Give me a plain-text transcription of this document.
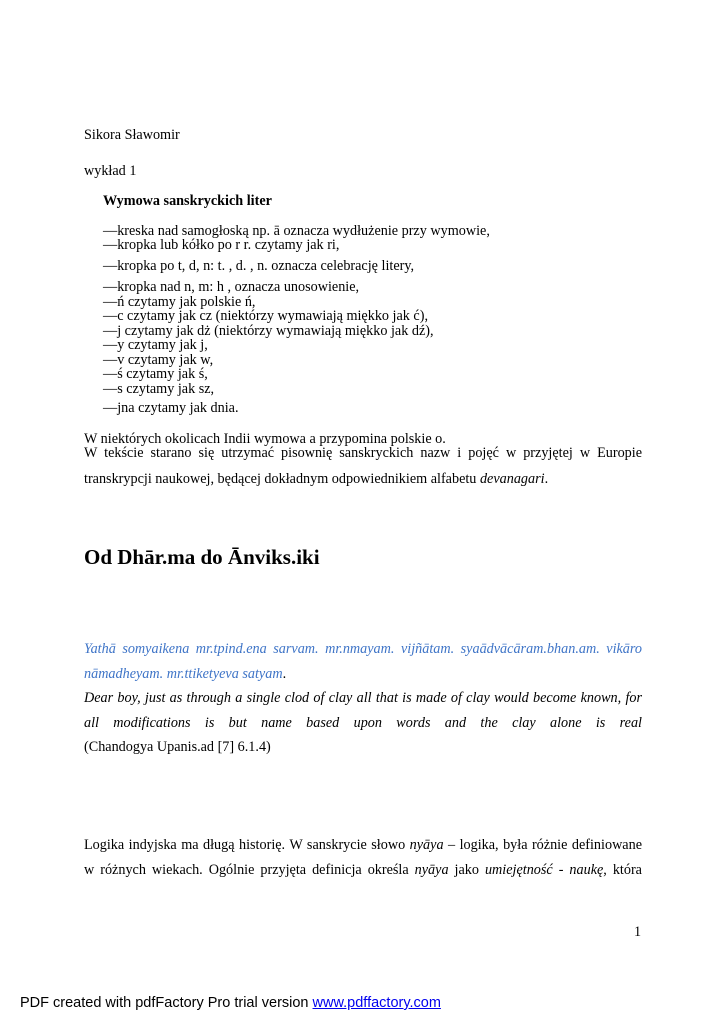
Sikora Sławomir
wykład 1
Wymowa sanskryckich liter
—kreska nad samogłoską np. ā oznacza wydłużenie przy wymowie,
—kropka lub kółko po r r. czytamy jak ri,
—kropka po t, d, n: t. , d. , n. oznacza celebrację litery,
—kropka nad n, m: h , oznacza unosowienie,
—ń czytamy jak polskie ń,
—c czytamy jak cz (niektórzy wymawiają miękko jak ć),
—j czytamy jak dż (niektórzy wymawiają miękko jak dź),
—y czytamy jak j,
—v czytamy jak w,
—ś czytamy jak ś,
—s czytamy jak sz,
—jna czytamy jak dnia.
W niektórych okolicach Indii wymowa a przypomina polskie o.
W tekście starano się utrzymać pisownię sanskryckich nazw i pojęć w przyjętej w Europie
transkrypcji naukowej, będącej dokładnym odpowiednikiem alfabetu devanagari.
Od Dhār.ma do Ānviks.iki
Yathā somyaikena mr.tpind.ena sarvam. mr.nmayam. vijñātam. syaādvācāram.bhan.am. vikāro
nāmadheyam. mr.ttiketyeva satyam.
Dear boy, just as through a single clod of clay all that is made of clay would become known, for
all modifications is but name based upon words and the clay alone is real
(Chandogya Upanis.ad [7] 6.1.4)
Logika indyjska ma długą historię. W sanskrycie słowo nyāya – logika, była różnie definiowane
w różnych wiekach. Ogólnie przyjęta definicja określa nyāya jako umiejętność - naukę, która
1
PDF created with pdfFactory Pro trial version www.pdffactory.com
